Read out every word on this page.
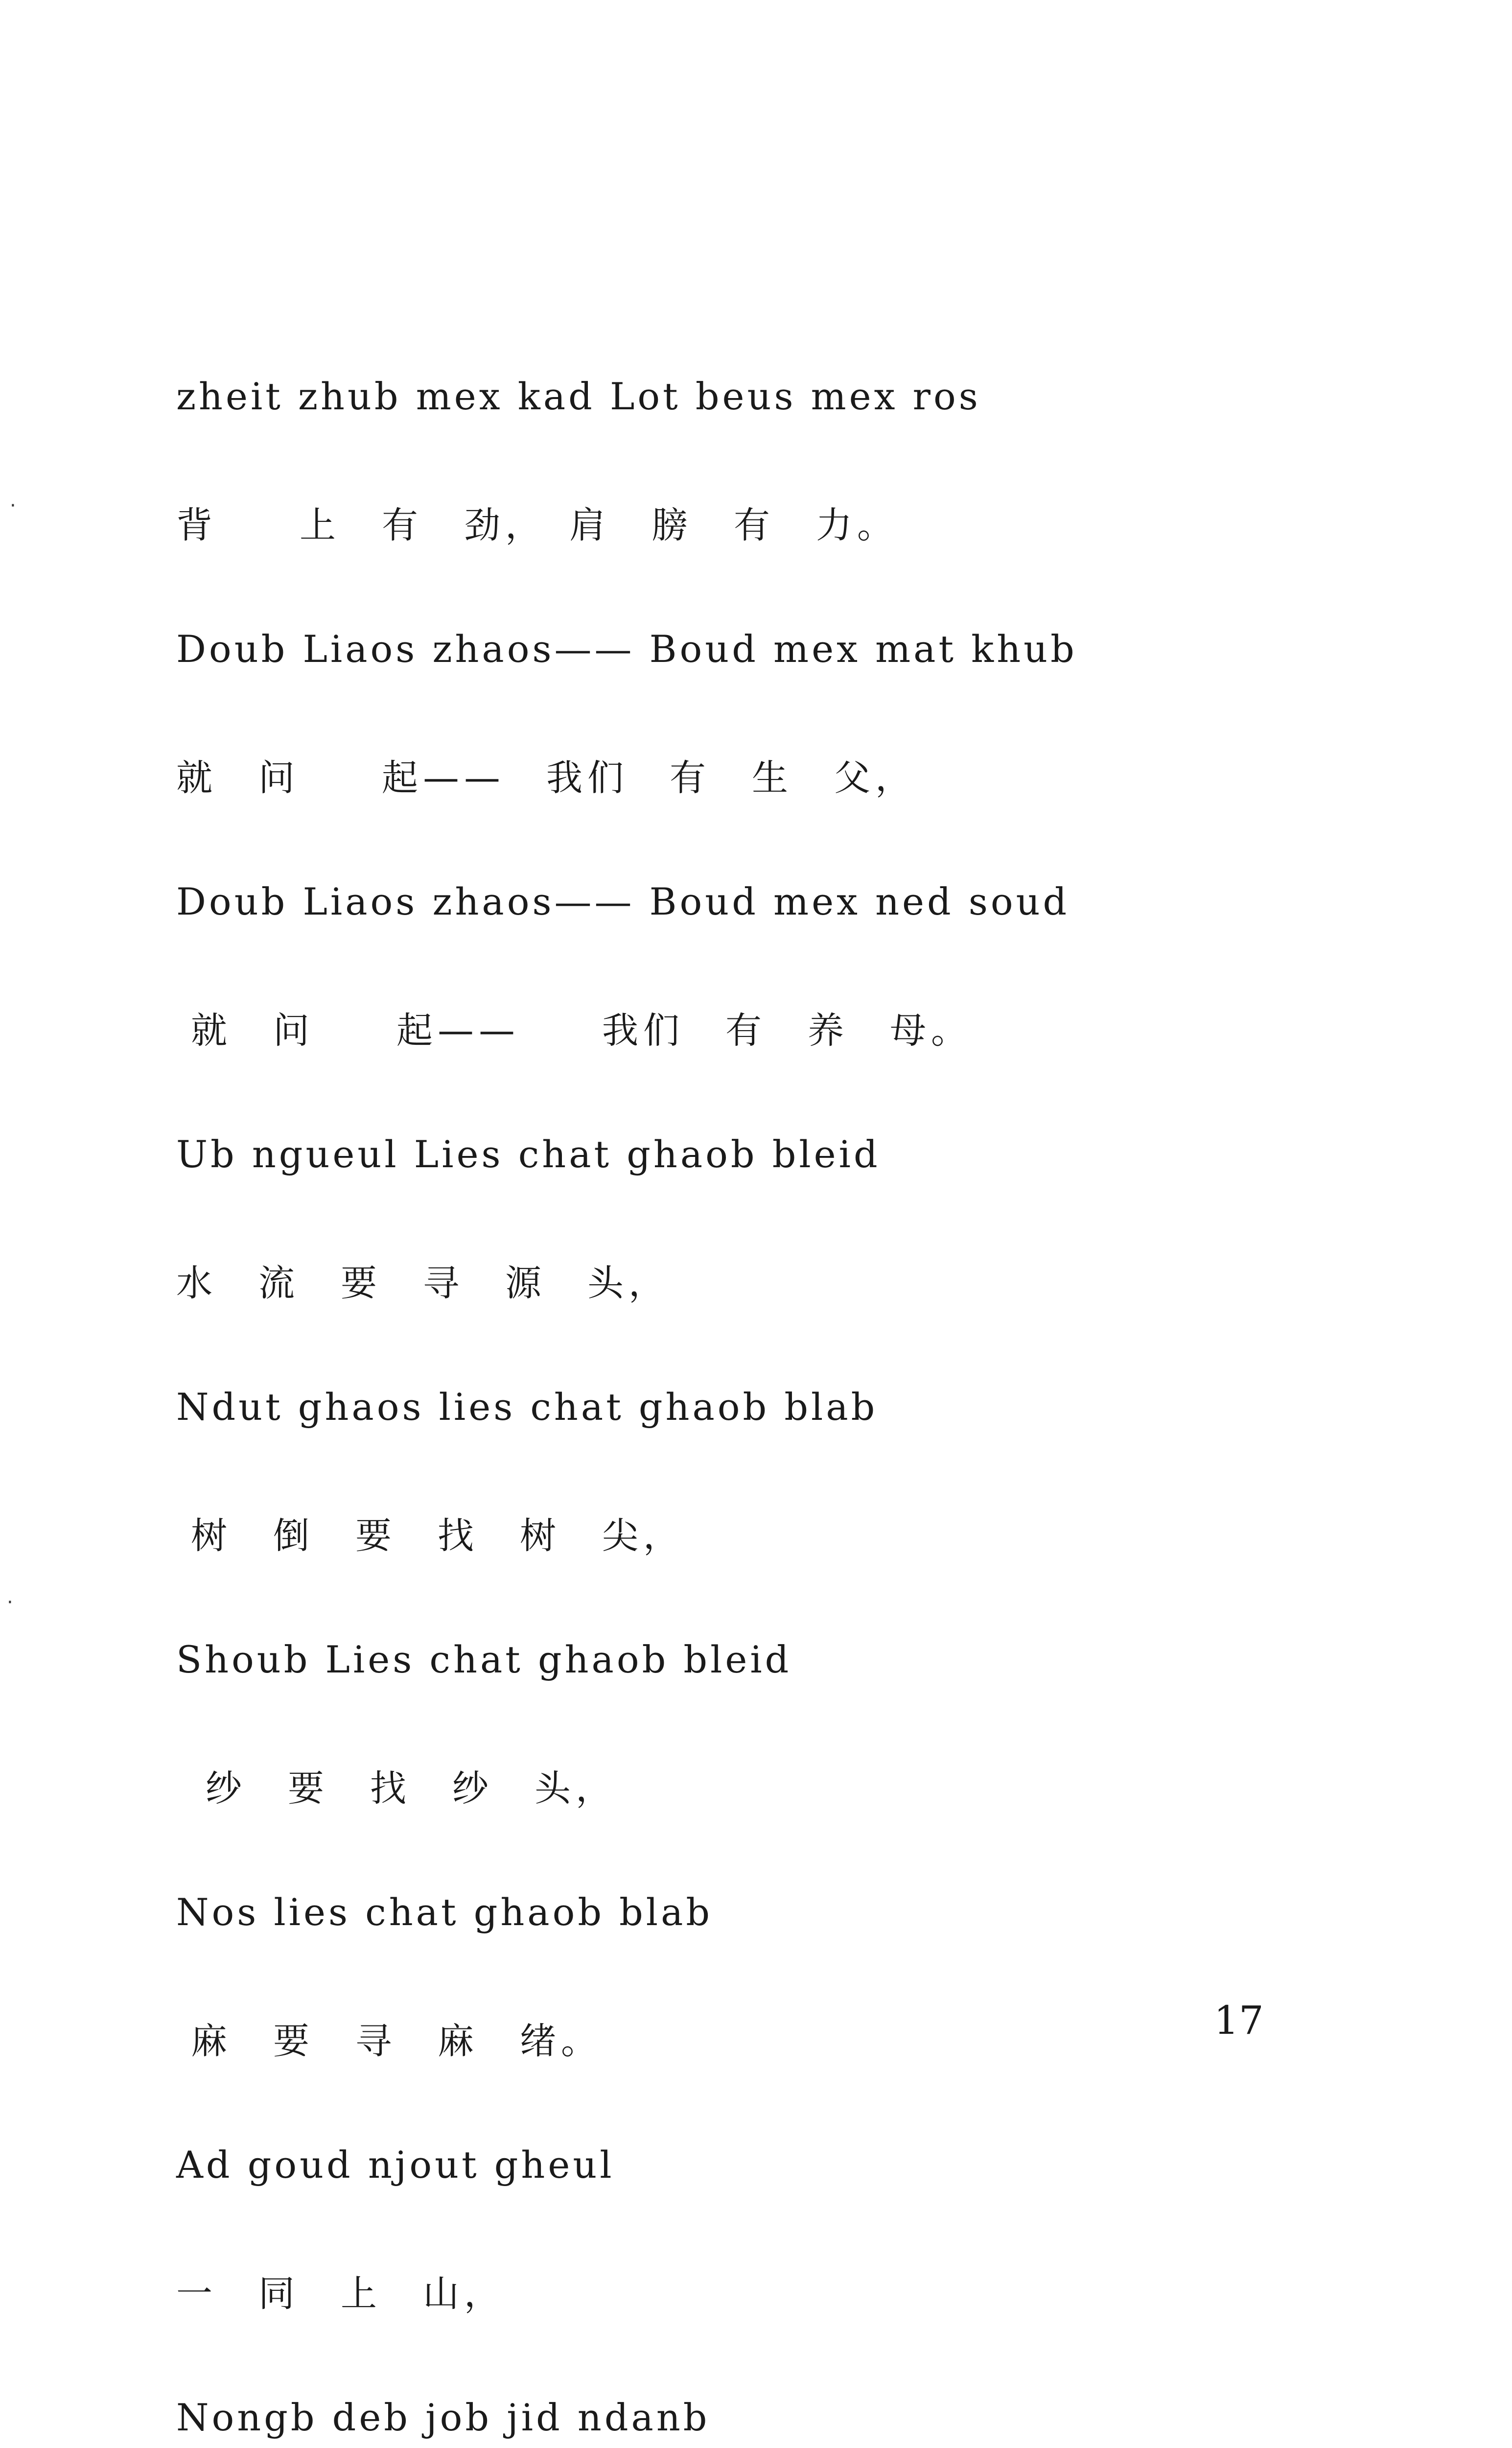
zheit zhub mex kad Lot beus mex ros
背　　上　有　劲，　肩　膀　有　力。
Doub Liaos zhaos—— Boud mex mat khub
就　问　　起——　我们　有　生　父，
Doub Liaos zhaos—— Boud mex ned soud
就　问　　起——　　我们　有　养　母。
Ub ngueul Lies chat ghaob bleid
水　流　要　寻　源　头，
Ndut ghaos lies chat ghaob blab
树　倒　要　找　树　尖，
Shoub Lies chat ghaob bleid
纱　要　找　纱　头，
Nos lies chat ghaob blab
麻　要　寻　麻　绪。
Ad goud njout gheul
一　同　上　山，
Nongb deb job jid ndanb
·
·
17
